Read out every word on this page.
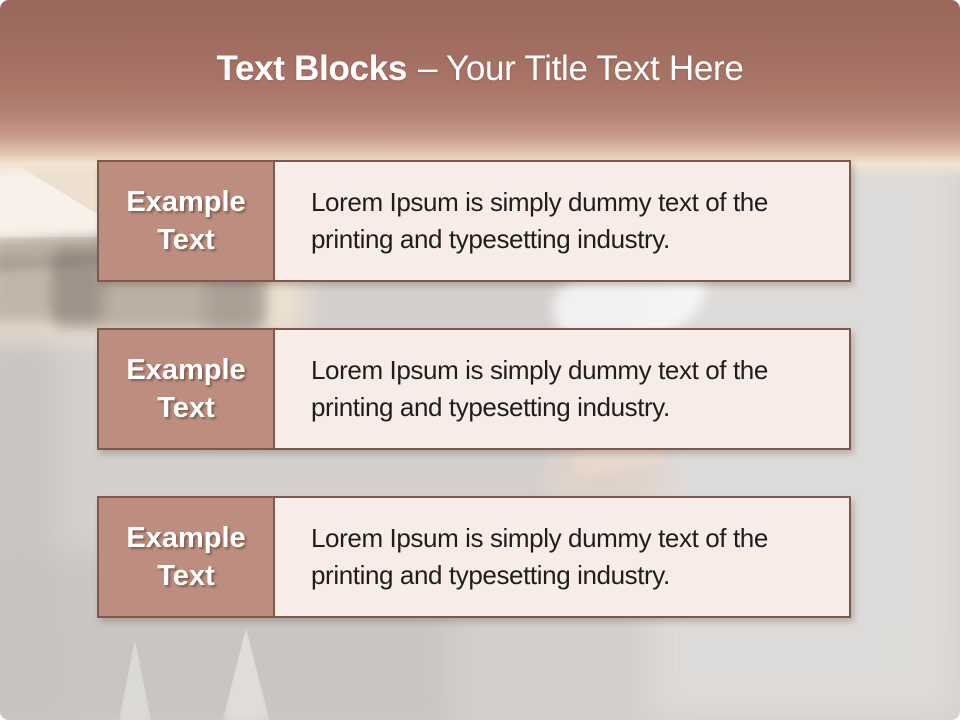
Text Blocks – Your Title Text Here
Example Text
Lorem Ipsum is simply dummy text of the
printing and typesetting industry.
Example Text
Lorem Ipsum is simply dummy text of the
printing and typesetting industry.
Example Text
Lorem Ipsum is simply dummy text of the
printing and typesetting industry.
